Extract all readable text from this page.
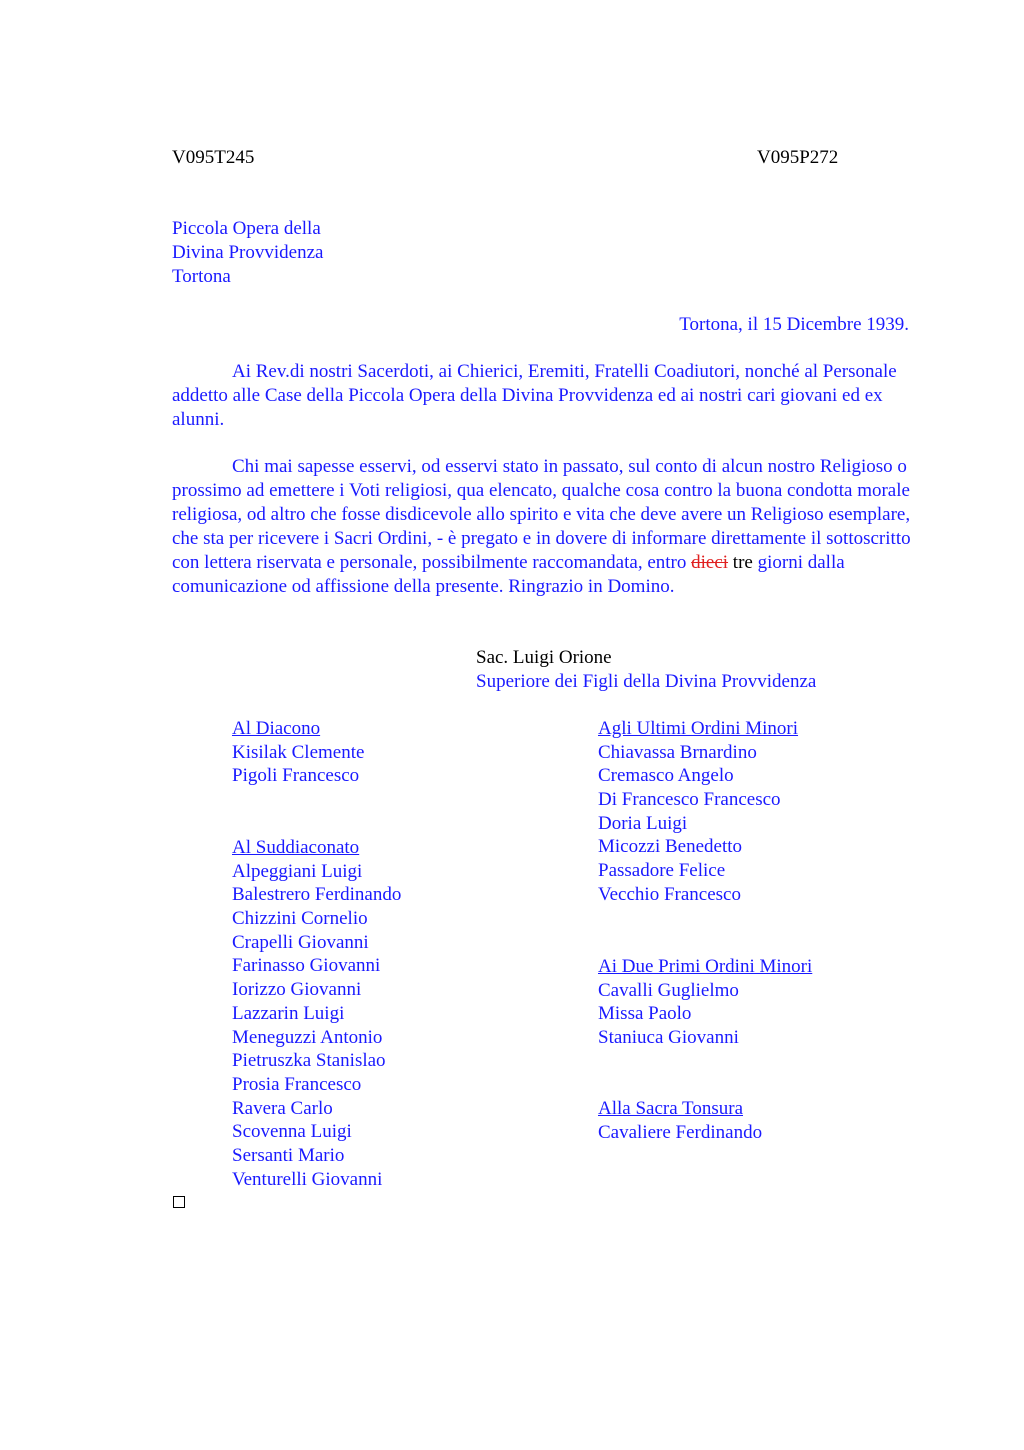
V095T245	V095P272
Piccola Opera della
Divina Provvidenza
Tortona
Tortona, il 15 Dicembre 1939.
Ai Rev.di nostri Sacerdoti, ai Chierici, Eremiti, Fratelli Coadiutori, nonché al Personale addetto alle Case della Piccola Opera della Divina Provvidenza ed ai nostri cari giovani ed ex alunni.
Chi mai sapesse esservi, od esservi stato in passato, sul conto di alcun nostro Religioso o prossimo ad emettere i Voti religiosi, qua elencato, qualche cosa contro la buona condotta morale religiosa, od altro che fosse disdicevole allo spirito e vita che deve avere un Religioso esemplare, che sta per ricevere i Sacri Ordini, - è pregato e in dovere di informare direttamente il sottoscritto con lettera riservata e personale, possibilmente raccomandata, entro dieci tre giorni dalla comunicazione od affissione della presente. Ringrazio in Domino.
Sac. Luigi Orione
Superiore dei Figli della Divina Provvidenza
Al Diacono
Kisilak Clemente
Pigoli Francesco
Al Suddiaconato
Alpeggiani Luigi
Balestrero Ferdinando
Chizzini Cornelio
Crapelli Giovanni
Farinasso Giovanni
Iorizzo Giovanni
Lazzarin Luigi
Meneguzzi Antonio
Pietruszka Stanislao
Prosia Francesco
Ravera Carlo
Scovenna Luigi
Sersanti Mario
Venturelli Giovanni
Agli Ultimi Ordini Minori
Chiavassa Brnardino
Cremasco Angelo
Di Francesco Francesco
Doria Luigi
Micozzi Benedetto
Passadore Felice
Vecchio Francesco
Ai Due Primi Ordini Minori
Cavalli Guglielmo
Missa Paolo
Staniuca Giovanni
Alla Sacra Tonsura
Cavaliere Ferdinando
